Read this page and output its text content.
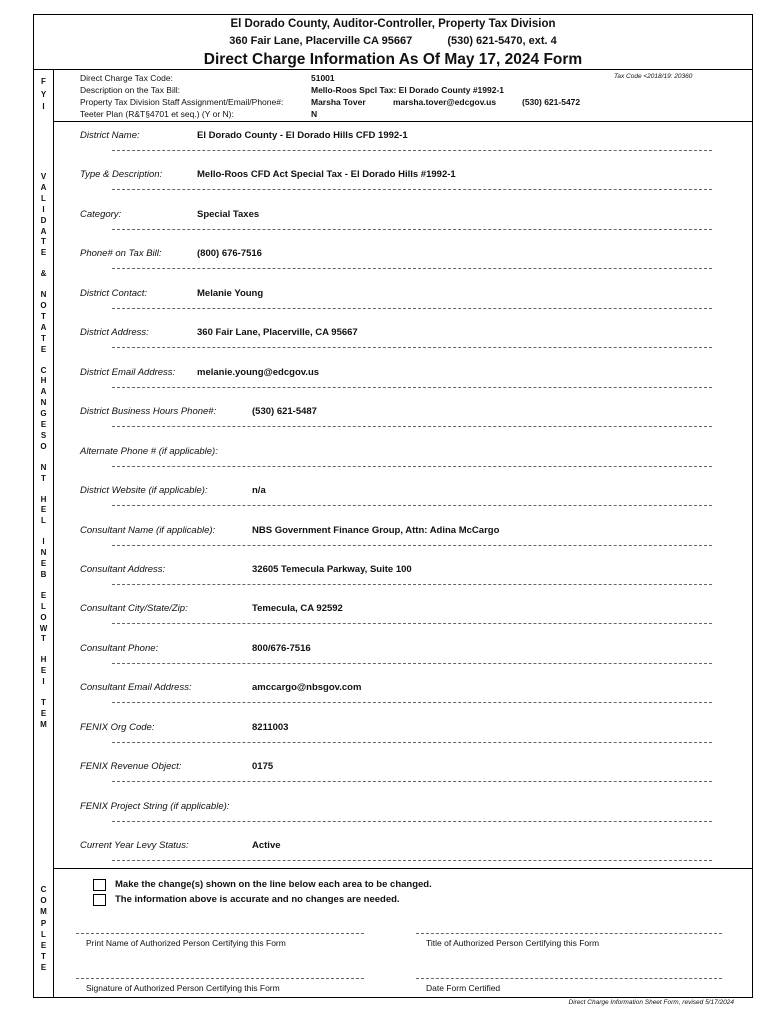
El Dorado County, Auditor-Controller, Property Tax Division
360 Fair Lane, Placerville CA 95667	(530) 621-5470, ext. 4
Direct Charge Information As Of May 17, 2024 Form
F
Y
I
V
A
L
I
D
A
T
E
&
N
O
T
A
T
E
C
H
A
N
G
E
S
O
N
T
H
E
L
I
N
E
B
E
L
O
W
T
H
E
I
T
E
M
C
O
M
P
L
E
T
E
Direct Charge Tax Code:	51001	Tax Code <2018/19: 20360
Description on the Tax Bill:	Mello-Roos Spcl Tax: El Dorado County #1992-1
Property Tax Division Staff Assignment/Email/Phone#:	Marsha Tover	marsha.tover@edcgov.us	(530) 621-5472
Teeter Plan (R&T§4701 et seq.) (Y or N):	N
District Name:	El Dorado County - El Dorado Hills CFD 1992-1
Type & Description:	Mello-Roos CFD Act Special Tax - El Dorado Hills #1992-1
Category:	Special Taxes
Phone# on Tax Bill:	(800) 676-7516
District Contact:	Melanie Young
District Address:	360 Fair Lane, Placerville, CA 95667
District Email Address: melanie.young@edcgov.us
District Business Hours Phone#:	(530) 621-5487
Alternate Phone # (if applicable):
District Website (if applicable):	n/a
Consultant Name (if applicable):	NBS Government Finance Group, Attn: Adina McCargo
Consultant Address:	32605 Temecula Parkway, Suite 100
Consultant City/State/Zip:	Temecula, CA 92592
Consultant Phone:	800/676-7516
Consultant Email Address:	amccargo@nbsgov.com
FENIX Org Code:	8211003
FENIX Revenue Object:	0175
FENIX Project String (if applicable):
Current Year Levy Status:	Active
Make the change(s) shown on the line below each area to be changed.
The information above is accurate and no changes are needed.
Print Name of Authorized Person Certifying this Form	Title of Authorized Person Certifying this Form
Signature of Authorized Person Certifying this Form	Date Form Certified
Direct Charge Information Sheet Form, revised 5/17/2024
